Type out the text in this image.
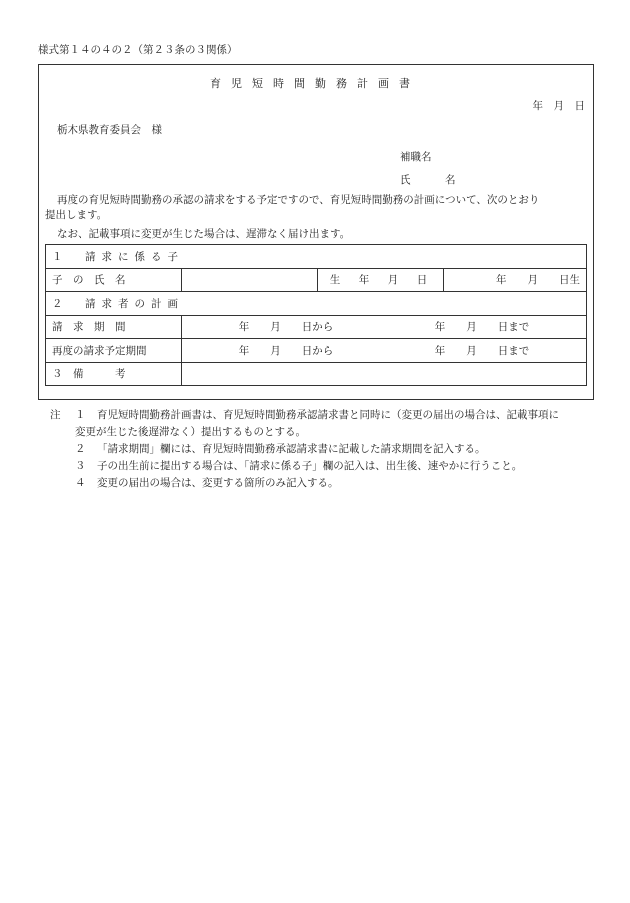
様式第１４の４の２（第２３条の３関係）
育児短時間勤務計画書
年　月　日
栃木県教育委員会　様
補職名
氏　名
再度の育児短時間勤務の承認の請求をする予定ですので、育児短時間勤務の計画について、次のとおり
提出します。
なお、記載事項に変更が生じた場合は、遅滞なく届け出ます。
１　請求に係る子			
子　の　氏　名		生　年　月　日	年　　月　　日生
２　請求者の計画			
請　求　期　間	年　　月　　日から 年　　月　　日まで		

再度の請求予定期間	年　　月　　日から 年　　月　　日まで		

３　備　　　考			
注	１	育児短時間勤務計画書は、育児短時間勤務承認請求書と同時に（変更の届出の場合は、記載事項に
変更が生じた後遅滞なく）提出するものとする。
２	「請求期間」欄には、育児短時間勤務承認請求書に記載した請求期間を記入する。
３	子の出生前に提出する場合は、「請求に係る子」欄の記入は、出生後、速やかに行うこと。
４	変更の届出の場合は、変更する箇所のみ記入する。
